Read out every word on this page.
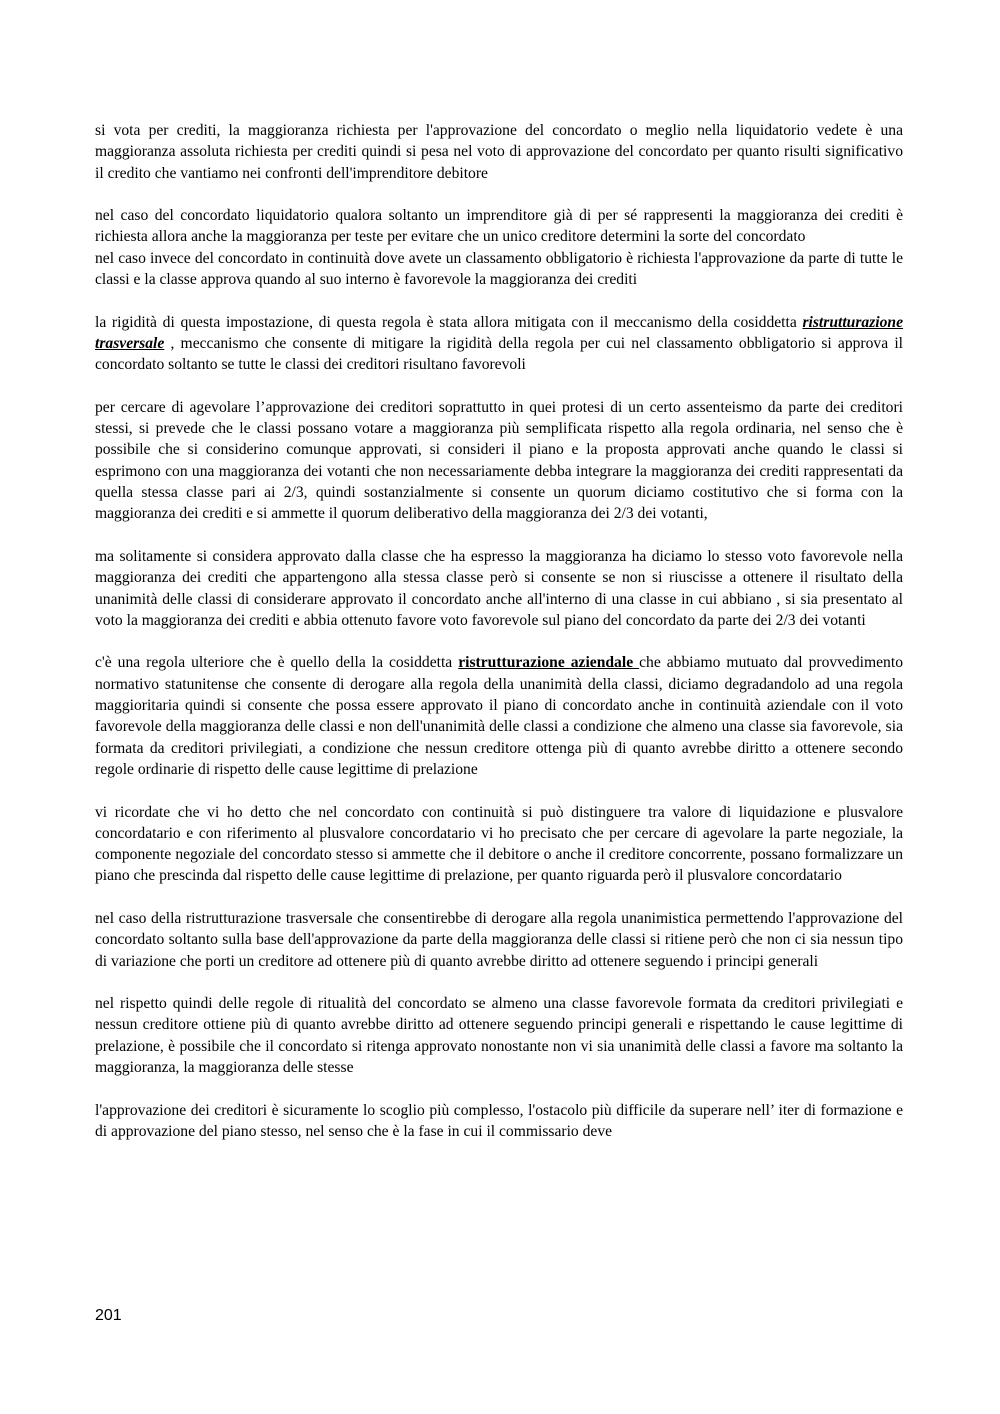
si vota per crediti, la maggioranza richiesta per l'approvazione del concordato o meglio nella liquidatorio vedete è una maggioranza assoluta richiesta per crediti quindi si pesa nel voto di approvazione del concordato per quanto risulti significativo il credito che vantiamo nei confronti dell'imprenditore debitore

nel caso del concordato liquidatorio qualora soltanto un imprenditore già di per sé rappresenti la maggioranza dei crediti è richiesta allora anche la maggioranza per teste per evitare che un unico creditore determini la sorte del concordato

nel caso invece del concordato in continuità dove avete un classamento obbligatorio è richiesta l'approvazione da parte di tutte le classi e la classe approva quando al suo interno è favorevole la maggioranza dei crediti

la rigidità di questa impostazione, di questa regola è stata allora mitigata con il meccanismo della cosiddetta ristrutturazione trasversale , meccanismo che consente di mitigare la rigidità della regola per cui nel classamento obbligatorio si approva il concordato soltanto se tutte le classi dei creditori risultano favorevoli

per cercare di agevolare l’approvazione dei creditori soprattutto in quei protesi di un certo assenteismo da parte dei creditori stessi, si prevede che le classi possano votare a maggioranza più semplificata rispetto alla regola ordinaria, nel senso che è possibile che si considerino comunque approvati, si consideri il piano e la proposta approvati anche quando le classi si esprimono con una maggioranza dei votanti che non necessariamente debba integrare la maggioranza dei crediti rappresentati da quella stessa classe pari ai 2/3, quindi sostanzialmente si consente un quorum diciamo costitutivo che si forma con la maggioranza dei crediti e si ammette il quorum deliberativo della maggioranza dei 2/3 dei votanti,

ma solitamente si considera approvato dalla classe che ha espresso la maggioranza ha diciamo lo stesso voto favorevole nella maggioranza dei crediti che appartengono alla stessa classe però si consente se non si riuscisse a ottenere il risultato della unanimità delle classi di considerare approvato il concordato anche all'interno di una classe in cui abbiano , si sia presentato al voto la maggioranza dei crediti e abbia ottenuto favore voto favorevole sul piano del concordato da parte dei 2/3 dei votanti

c'è una regola ulteriore che è quello della la cosiddetta ristrutturazione aziendale che abbiamo mutuato dal provvedimento normativo statunitense che consente di derogare alla regola della unanimità della classi, diciamo degradandolo ad una regola maggioritaria quindi si consente che possa essere approvato il piano di concordato anche in continuità aziendale con il voto favorevole della maggioranza delle classi e non dell'unanimità delle classi a condizione che almeno una classe sia favorevole, sia formata da creditori privilegiati, a condizione che nessun creditore ottenga più di quanto avrebbe diritto a ottenere secondo regole ordinarie di rispetto delle cause legittime di prelazione

vi ricordate che vi ho detto che nel concordato con continuità si può distinguere tra valore di liquidazione e plusvalore concordatario e con riferimento al plusvalore concordatario vi ho precisato che per cercare di agevolare la parte negoziale, la componente negoziale del concordato stesso si ammette che il debitore o anche il creditore concorrente, possano formalizzare un piano che prescinda dal rispetto delle cause legittime di prelazione, per quanto riguarda però il plusvalore concordatario

nel caso della ristrutturazione trasversale che consentirebbe di derogare alla regola unanimistica permettendo l'approvazione del concordato soltanto sulla base dell'approvazione da parte della maggioranza delle classi si ritiene però che non ci sia nessun tipo di variazione che porti un creditore ad ottenere più di quanto avrebbe diritto ad ottenere seguendo i principi generali

nel rispetto quindi delle regole di ritualità del concordato se almeno una classe favorevole formata da creditori privilegiati e nessun creditore ottiene più di quanto avrebbe diritto ad ottenere seguendo principi generali e rispettando le cause legittime di prelazione, è possibile che il concordato si ritenga approvato nonostante non vi sia unanimità delle classi a favore ma soltanto la maggioranza, la maggioranza delle stesse

l'approvazione dei creditori è sicuramente lo scoglio più complesso, l'ostacolo più difficile da superare nell’ iter di formazione e di approvazione del piano stesso, nel senso che è la fase in cui il commissario deve

201
